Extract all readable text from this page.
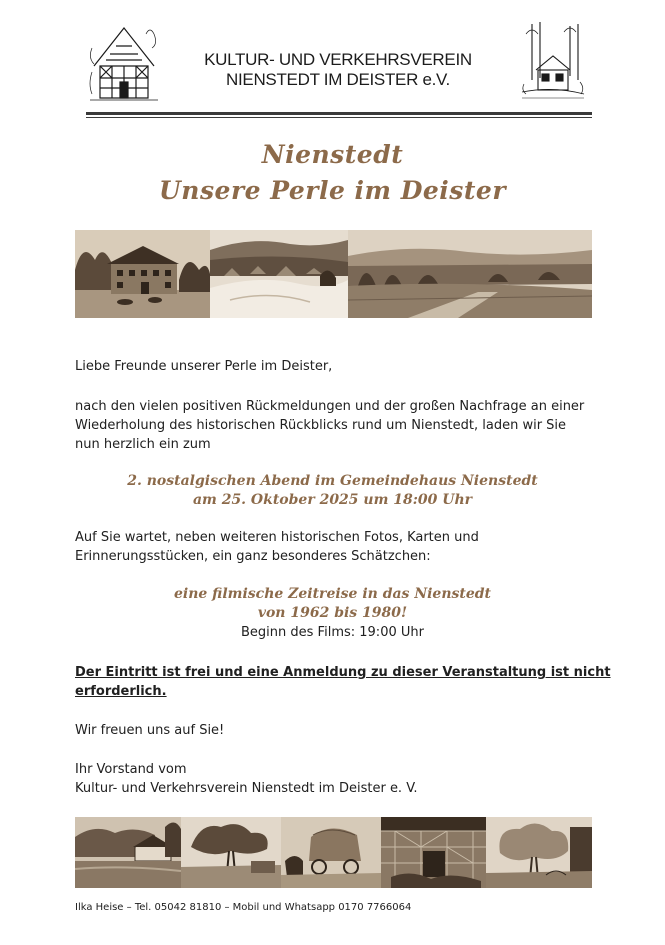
KULTUR- UND VERKEHRSVEREIN
NIENSTEDT IM DEISTER e.V.
Nienstedt
Unsere Perle im Deister
Liebe Freunde unserer Perle im Deister,
nach den vielen positiven Rückmeldungen und der großen Nachfrage an einer
Wiederholung des historischen Rückblicks rund um Nienstedt, laden wir Sie
nun herzlich ein zum
2. nostalgischen Abend im Gemeindehaus Nienstedt
am 25. Oktober 2025 um 18:00 Uhr
Auf Sie wartet, neben weiteren historischen Fotos, Karten und
Erinnerungsstücken, ein ganz besonderes Schätzchen:
eine filmische Zeitreise in das Nienstedt
von 1962 bis 1980!
Beginn des Films: 19:00 Uhr
Der Eintritt ist frei und eine Anmeldung zu dieser Veranstaltung ist nicht
erforderlich.
Wir freuen uns auf Sie!
Ihr Vorstand vom
Kultur- und Verkehrsverein Nienstedt im Deister e. V.
Ilka Heise – Tel. 05042 81810 – Mobil und Whatsapp 0170 7766064
